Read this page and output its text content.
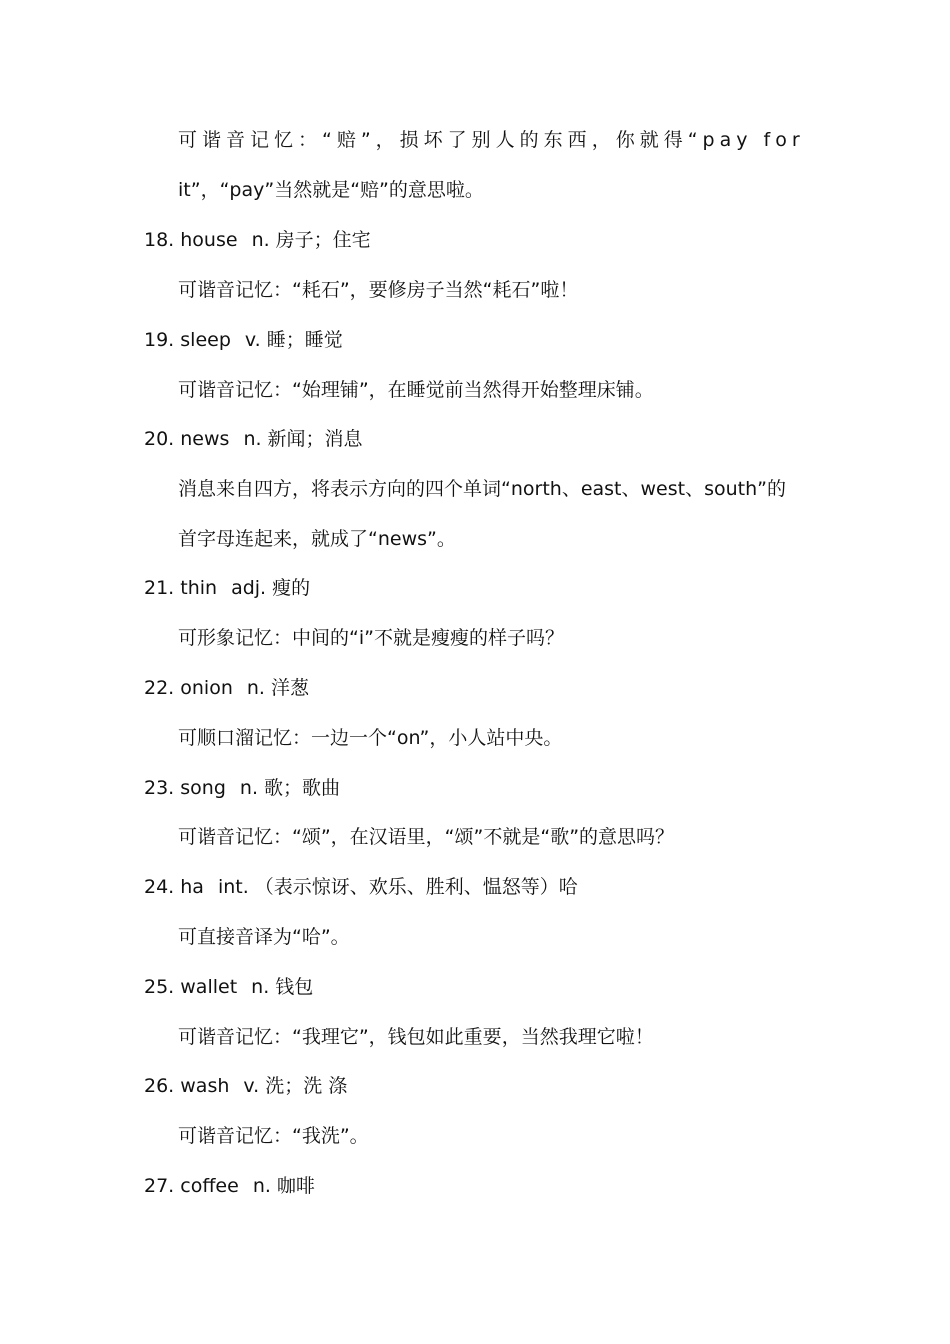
可谐音记忆：“赔”，损坏了别人的东西，你就得“pay for
it”，“pay”当然就是“赔”的意思啦。
18. house n. 房子；住宅
可谐音记忆：“耗石”，要修房子当然“耗石”啦！
19. sleep v. 睡；睡觉
可谐音记忆：“始理铺”，在睡觉前当然得开始整理床铺。
20. news n. 新闻；消息
消息来自四方，将表示方向的四个单词“north、east、west、south”的
首字母连起来，就成了“news”。
21. thin adj. 瘦的
可形象记忆：中间的“i”不就是瘦瘦的样子吗？
22. onion n. 洋葱
可顺口溜记忆：一边一个“on”，小人站中央。
23. song n. 歌；歌曲
可谐音记忆：“颂”，在汉语里，“颂”不就是“歌”的意思吗？
24. ha int. （表示惊讶、欢乐、胜利、愠怒等）哈
可直接音译为“哈”。
25. wallet n. 钱包
可谐音记忆：“我理它”，钱包如此重要，当然我理它啦！
26. wash v. 洗；洗 涤
可谐音记忆：“我洗”。
27. coffee n. 咖啡
